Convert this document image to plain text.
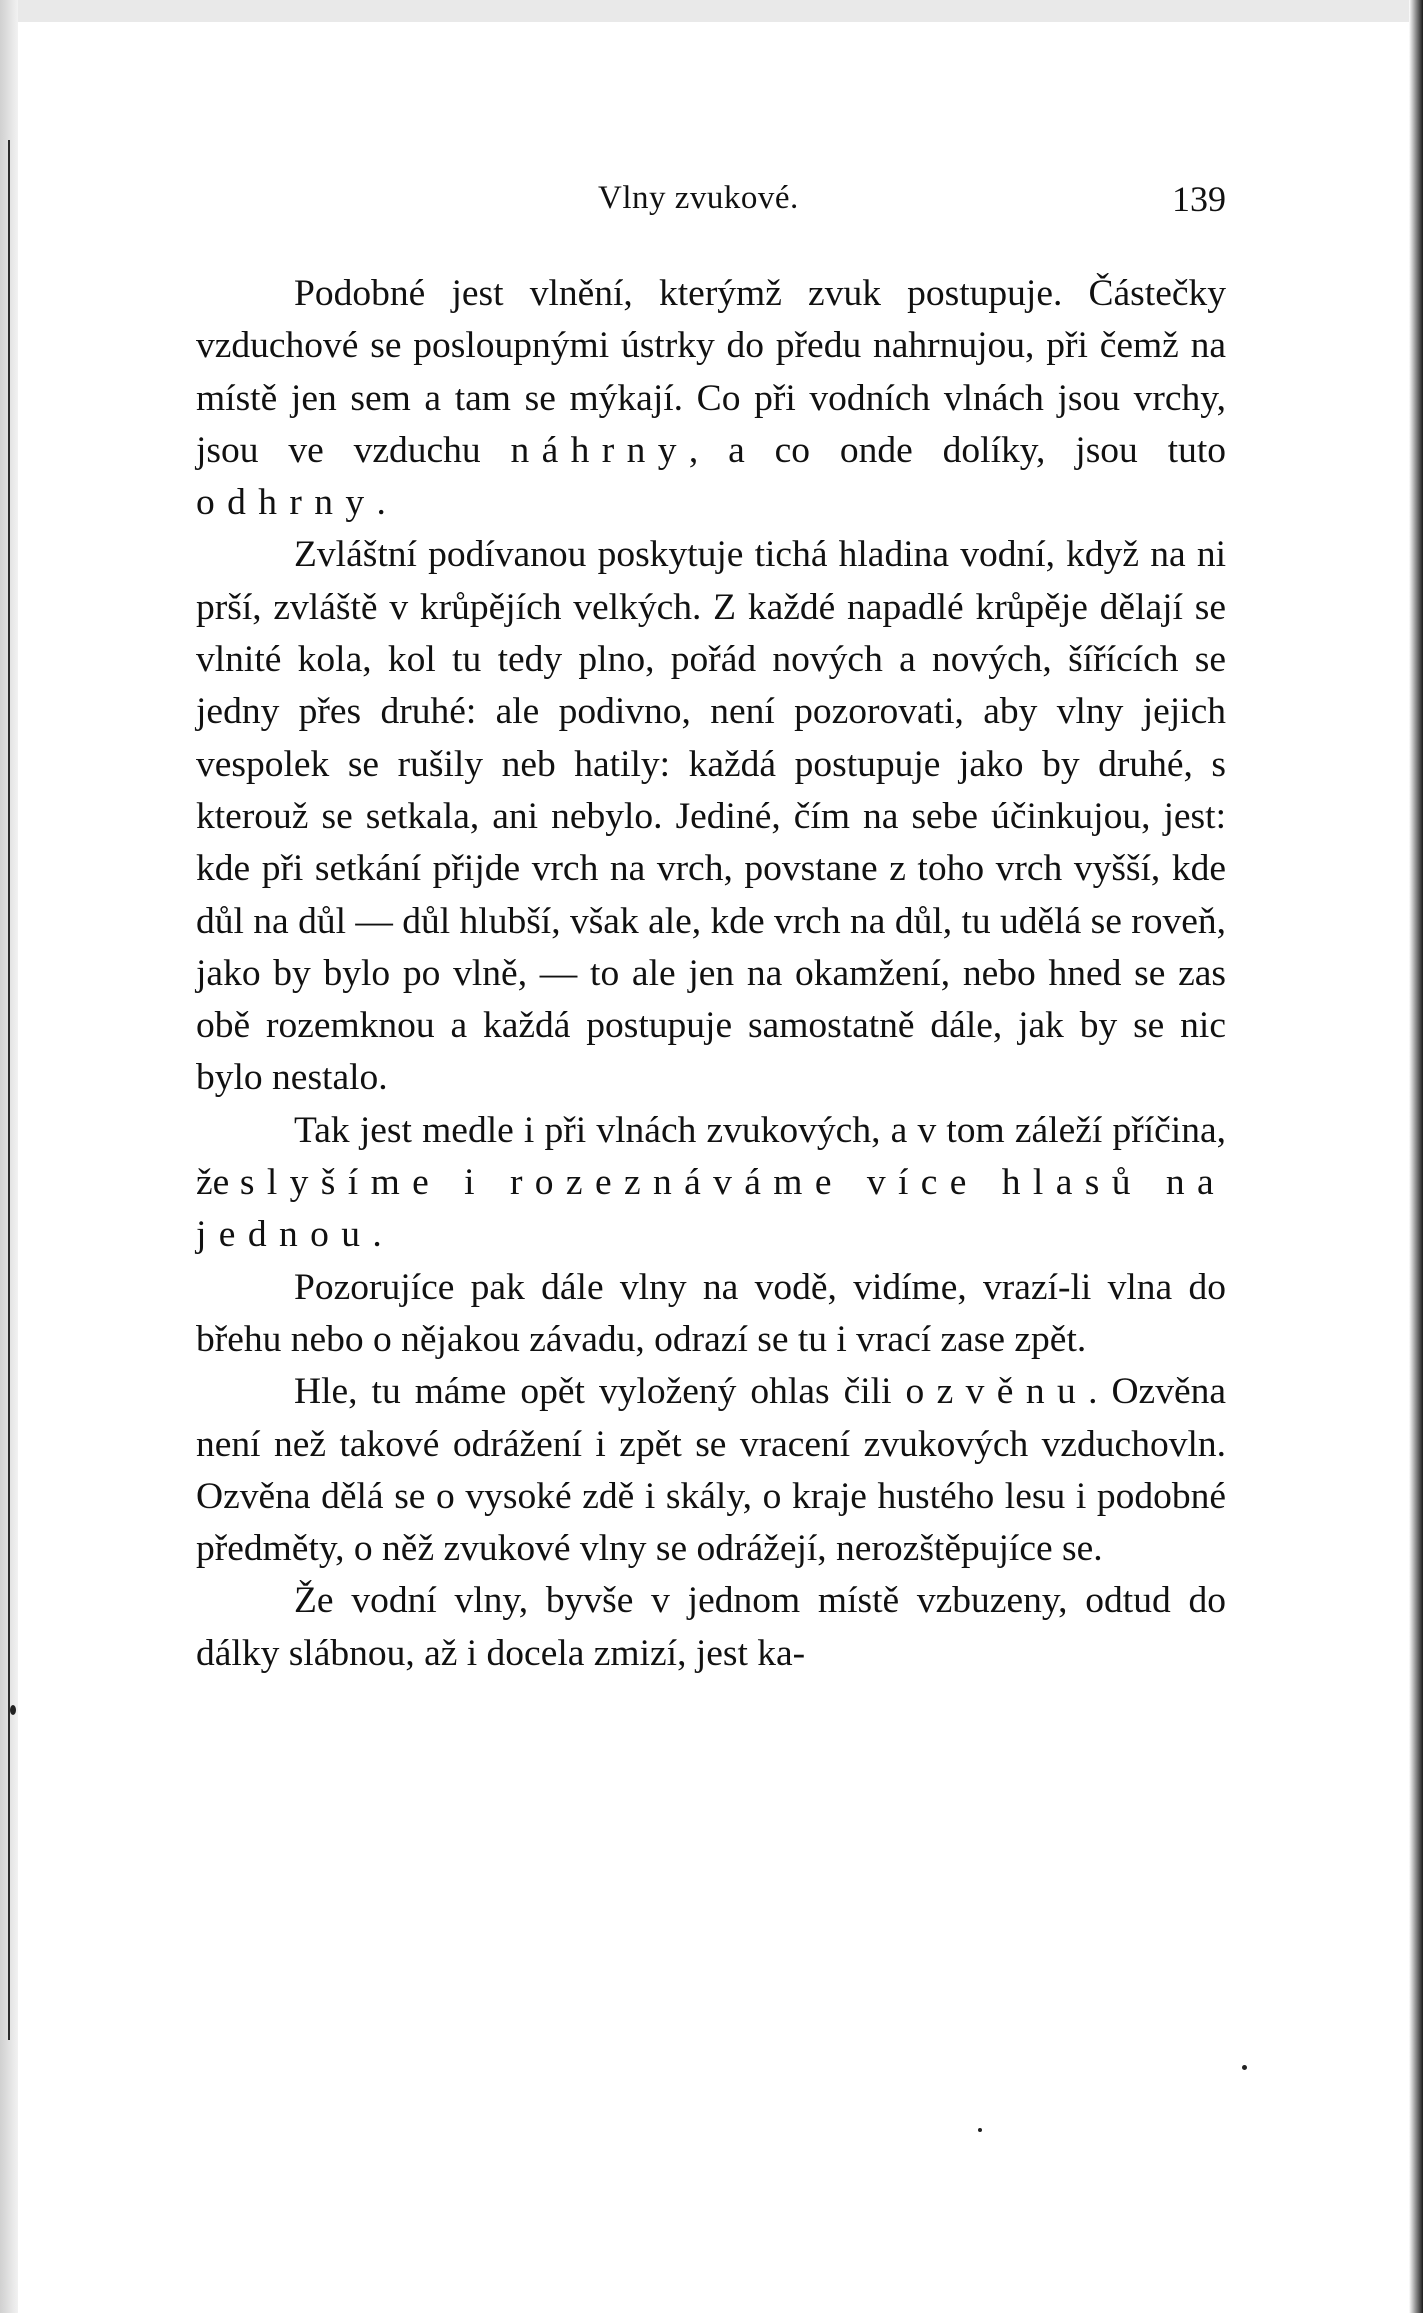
Vlny zvukové.	139

Podobné jest vlnění, kterýmž zvuk postupuje. Částečky vzduchové se posloupnými ústrky do předu nahrnujou, při čemž na místě jen sem a tam se mýkají. Co při vodních vlnách jsou vrchy, jsou ve vzduchu náhrny, a co onde dolíky, jsou tuto odhrny.

Zvláštní podívanou poskytuje tichá hladina vodní, když na ni prší, zvláště v krůpějích velkých. Z každé napadlé krůpěje dělají se vlnité kola, kol tu tedy plno, pořád nových a nových, šířících se jedny přes druhé: ale podivno, není pozorovati, aby vlny jejich vespolek se rušily neb hatily: každá postupuje jako by druhé, s kterouž se setkala, ani nebylo. Jediné, čím na sebe účinkujou, jest: kde při setkání přijde vrch na vrch, povstane z toho vrch vyšší, kde důl na důl — důl hlubší, však ale, kde vrch na důl, tu udělá se roveň, jako by bylo po vlně, — to ale jen na okamžení, nebo hned se zas obě rozemknou a každá postupuje samostatně dále, jak by se nic bylo nestalo.

Tak jest medle i při vlnách zvukových, a v tom záleží příčina, že slyšíme i rozeznáváme více hlasů na jednou.

Pozorujíce pak dále vlny na vodě, vidíme, vrazí-li vlna do břehu nebo o nějakou závadu, odrazí se tu i vrací zase zpět.

Hle, tu máme opět vyložený ohlas čili ozvěnu. Ozvěna není než takové odrážení i zpět se vracení zvukových vzduchovln. Ozvěna dělá se o vysoké zdě i skály, o kraje hustého lesu i podobné předměty, o něž zvukové vlny se odrážejí, nerozštěpujíce se.

Že vodní vlny, byvše v jednom místě vzbuzeny, odtud do dálky slábnou, až i docela zmizí, jest ka-
